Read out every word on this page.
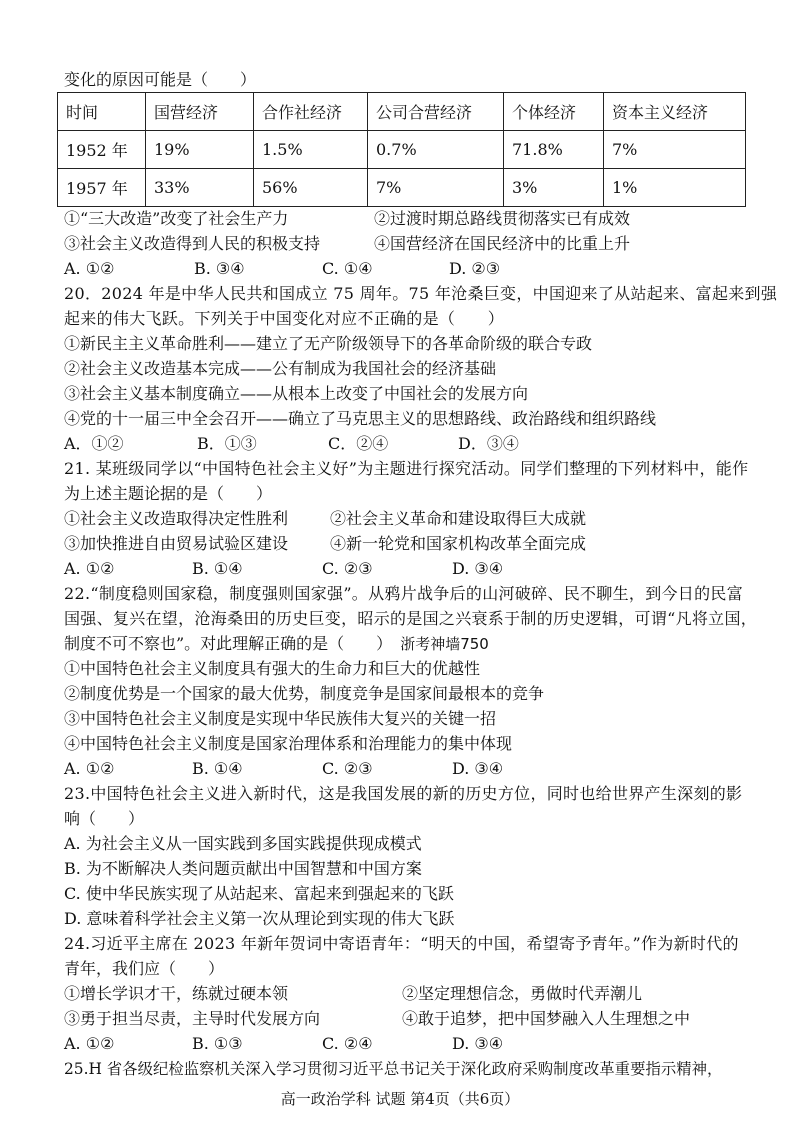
变化的原因可能是（　　）
时间	国营经济	合作社经济	公司合营经济	个体经济	资本主义经济
1952 年	19%	1.5%	0.7%	71.8%	7%
1957 年	33%	56%	7%	3%	1%
①“三大改造”改变了社会生产力	②过渡时期总路线贯彻落实已有成效
③社会主义改造得到人民的积极支持	④国营经济在国民经济中的比重上升
A. ①②	B. ③④	C. ①④	D. ②③
20．2024 年是中华人民共和国成立 75 周年。75 年沧桑巨变，中国迎来了从站起来、富起来到强
起来的伟大飞跃。下列关于中国变化对应不正确的是（　　）
①新民主主义革命胜利——建立了无产阶级领导下的各革命阶级的联合专政
②社会主义改造基本完成——公有制成为我国社会的经济基础
③社会主义基本制度确立——从根本上改变了中国社会的发展方向
④党的十一届三中全会召开——确立了马克思主义的思想路线、政治路线和组织路线
A．①②	B．①③	C．②④	D．③④
21. 某班级同学以“中国特色社会主义好”为主题进行探究活动。同学们整理的下列材料中，能作
为上述主题论据的是（　　）
①社会主义改造取得决定性胜利	②社会主义革命和建设取得巨大成就
③加快推进自由贸易试验区建设	④新一轮党和国家机构改革全面完成
A. ①②	B. ①④	C. ②③	D. ③④
22.“制度稳则国家稳，制度强则国家强”。从鸦片战争后的山河破碎、民不聊生，到今日的民富
国强、复兴在望，沧海桑田的历史巨变，昭示的是国之兴衰系于制的历史逻辑，可谓“凡将立国，
制度不可不察也”。对此理解正确的是（　　）　浙考神墙750
①中国特色社会主义制度具有强大的生命力和巨大的优越性
②制度优势是一个国家的最大优势，制度竞争是国家间最根本的竞争
③中国特色社会主义制度是实现中华民族伟大复兴的关键一招
④中国特色社会主义制度是国家治理体系和治理能力的集中体现
A. ①②	B. ①④	C. ②③	D. ③④
23.中国特色社会主义进入新时代，这是我国发展的新的历史方位，同时也给世界产生深刻的影
响（　　）
A. 为社会主义从一国实践到多国实践提供现成模式
B. 为不断解决人类问题贡献出中国智慧和中国方案
C. 使中华民族实现了从站起来、富起来到强起来的飞跃
D. 意味着科学社会主义第一次从理论到实现的伟大飞跃
24.习近平主席在 2023 年新年贺词中寄语青年：“明天的中国，希望寄予青年。”作为新时代的
青年，我们应（　　）
①增长学识才干，练就过硬本领	②坚定理想信念，勇做时代弄潮儿
③勇于担当尽责，主导时代发展方向	④敢于追梦，把中国梦融入人生理想之中
A. ①②	B. ①③	C. ②④	D. ③④
25.H 省各级纪检监察机关深入学习贯彻习近平总书记关于深化政府采购制度改革重要指示精神，
高一政治学科 试题 第4页（共6页）
